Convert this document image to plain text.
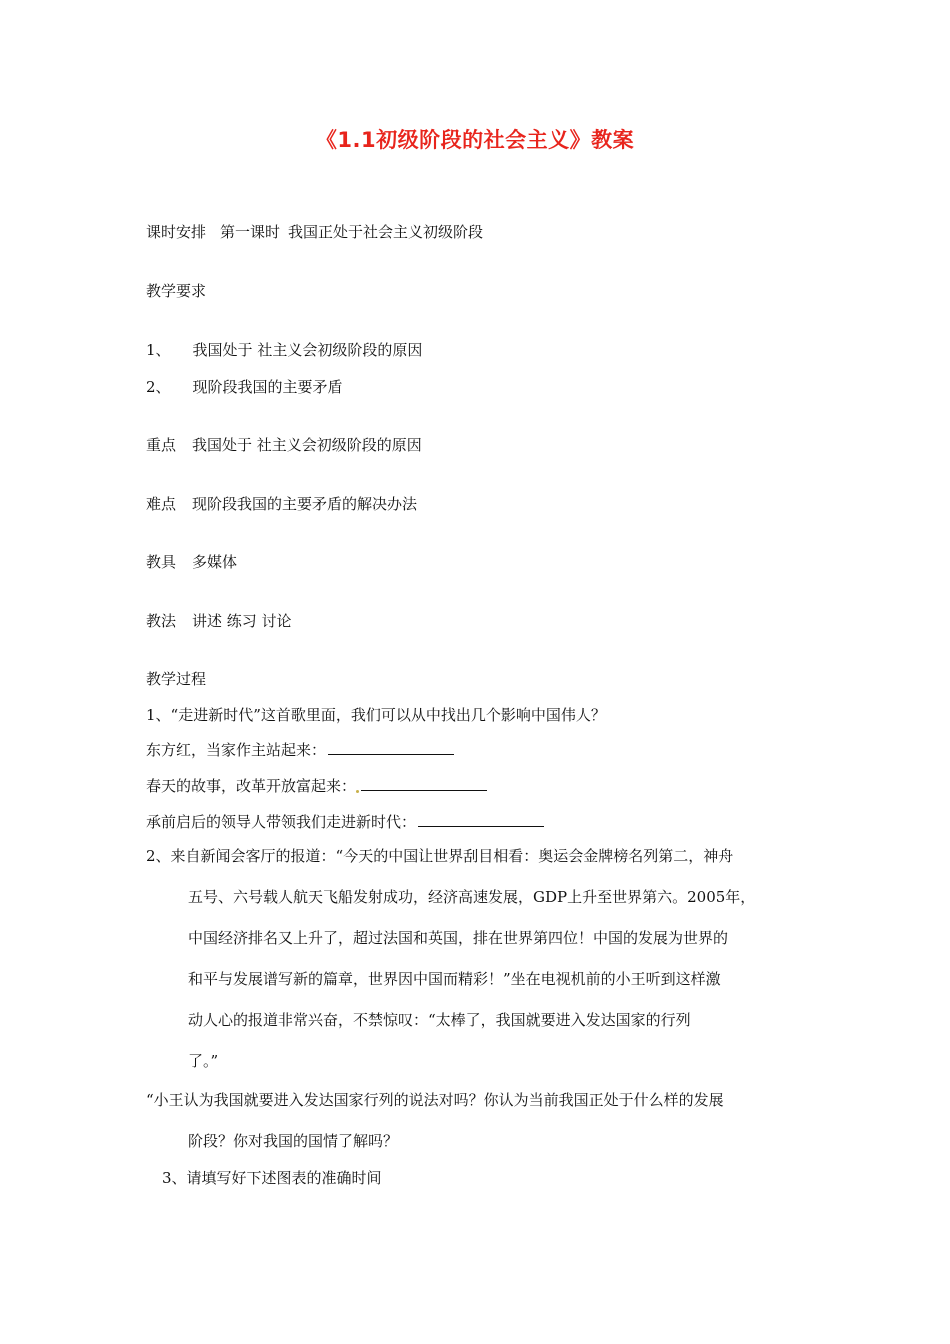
《1.1初级阶段的社会主义》教案
课时安排 第一课时 我国正处于社会主义初级阶段
教学要求
1、 我国处于 社主义会初级阶段的原因
2、 现阶段我国的主要矛盾
重点 我国处于 社主义会初级阶段的原因
难点 现阶段我国的主要矛盾的解决办法
教具 多媒体
教法 讲述 练习 讨论
教学过程
1、“走进新时代”这首歌里面，我们可以从中找出几个影响中国伟人？
东方红，当家作主站起来：
春天的故事，改革开放富起来：
承前启后的领导人带领我们走进新时代：
2、来自新闻会客厅的报道：“今天的中国让世界刮目相看：奥运会金牌榜名列第二，神舟
五号、六号载人航天飞船发射成功，经济高速发展，GDP上升至世界第六。2005年，
中国经济排名又上升了，超过法国和英国，排在世界第四位！中国的发展为世界的
和平与发展谱写新的篇章，世界因中国而精彩！”坐在电视机前的小王听到这样激
动人心的报道非常兴奋，不禁惊叹：“太棒了，我国就要进入发达国家的行列
了。”
“小王认为我国就要进入发达国家行列的说法对吗？你认为当前我国正处于什么样的发展
阶段？你对我国的国情了解吗？
3、请填写好下述图表的准确时间
